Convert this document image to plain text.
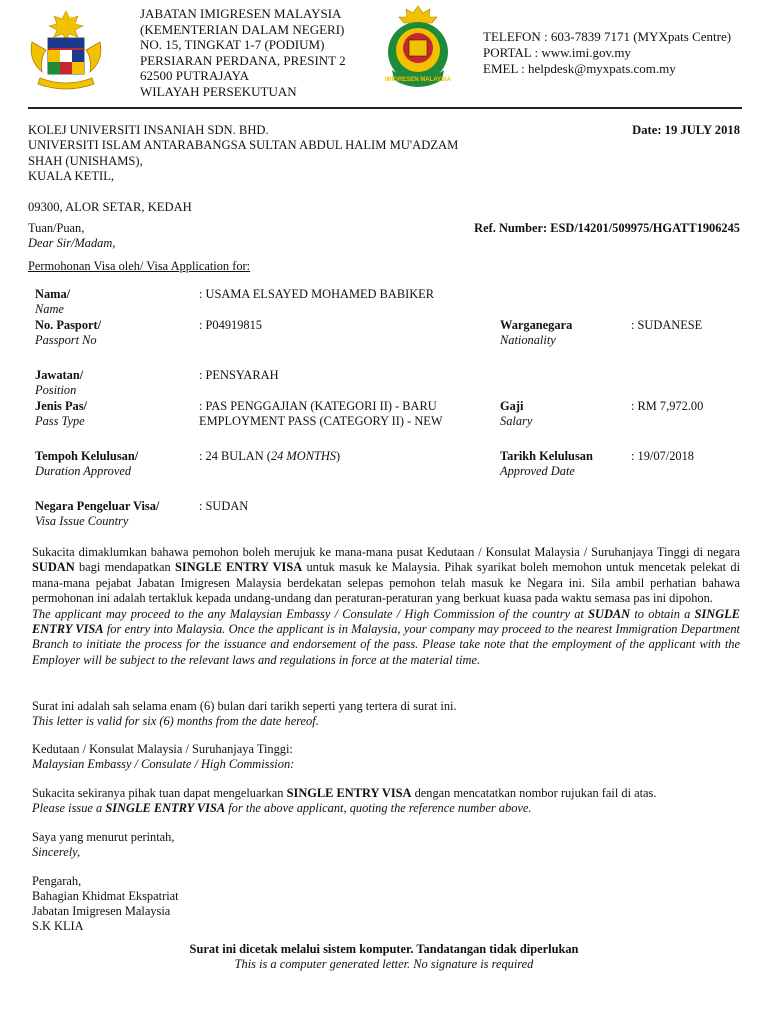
JABATAN IMIGRESEN MALAYSIA
(KEMENTERIAN DALAM NEGERI)
NO. 15, TINGKAT 1-7 (PODIUM)
PERSIARAN PERDANA, PRESINT 2
62500 PUTRAJAYA
WILAYAH PERSEKUTUAN
IMIGRESEN MALAYSIA
TELEFON : 603-7839 7171 (MYXpats Centre)
PORTAL : www.imi.gov.my
EMEL : helpdesk@myxpats.com.my
KOLEJ UNIVERSITI INSANIAH SDN. BHD.
UNIVERSITI ISLAM ANTARABANGSA SULTAN ABDUL HALIM MU'ADZAM
SHAH (UNISHAMS),
KUALA KETIL,
Date: 19 JULY 2018
09300, ALOR SETAR, KEDAH
Tuan/Puan,
Dear Sir/Madam,
Ref. Number: ESD/14201/509975/HGATT1906245
Permohonan Visa oleh/ Visa Application for:
Nama/
Name
: USAMA ELSAYED MOHAMED BABIKER
No. Pasport/
Passport No
: P04919815	Warganegara
Nationality
: SUDANESE
Jawatan/
Position
: PENSYARAH
Jenis Pas/
Pass Type
: PAS PENGGAJIAN (KATEGORI II) - BARU
EMPLOYMENT PASS (CATEGORY II) - NEW
Gaji
Salary
: RM 7,972.00
Tempoh Kelulusan/
Duration Approved
: 24 BULAN (24 MONTHS)	Tarikh Kelulusan
Approved Date
: 19/07/2018
Negara Pengeluar Visa/
Visa Issue Country
: SUDAN

Sukacita dimaklumkan bahawa pemohon boleh merujuk ke mana-mana pusat Kedutaan / Konsulat Malaysia / Suruhanjaya Tinggi di negara SUDAN bagi mendapatkan SINGLE ENTRY VISA untuk masuk ke Malaysia. Pihak syarikat boleh memohon untuk mencetak pelekat di mana-mana pejabat Jabatan Imigresen Malaysia berdekatan selepas pemohon telah masuk ke Negara ini. Sila ambil perhatian bahawa permohonan ini adalah tertakluk kepada undang-undang dan peraturan-peraturan yang berkuat kuasa pada waktu semasa pas ini dipohon.

The applicant may proceed to the any Malaysian Embassy / Consulate / High Commission of the country at SUDAN to obtain a SINGLE ENTRY VISA for entry into Malaysia. Once the applicant is in Malaysia, your company may proceed to the nearest Immigration Department Branch to initiate the process for the issuance and endorsement of the pass. Please take note that the employment of the applicant with the Employer will be subject to the relevant laws and regulations in force at the material time.

Surat ini adalah sah selama enam (6) bulan dari tarikh seperti yang tertera di surat ini.
This letter is valid for six (6) months from the date hereof.
Kedutaan / Konsulat Malaysia / Suruhanjaya Tinggi:
Malaysian Embassy / Consulate / High Commission:
Sukacita sekiranya pihak tuan dapat mengeluarkan SINGLE ENTRY VISA dengan mencatatkan nombor rujukan fail di atas.
Please issue a SINGLE ENTRY VISA for the above applicant, quoting the reference number above.
Saya yang menurut perintah,
Sincerely,
Pengarah,
Bahagian Khidmat Ekspatriat
Jabatan Imigresen Malaysia
S.K KLIA
Surat ini dicetak melalui sistem komputer. Tandatangan tidak diperlukan
This is a computer generated letter. No signature is required
